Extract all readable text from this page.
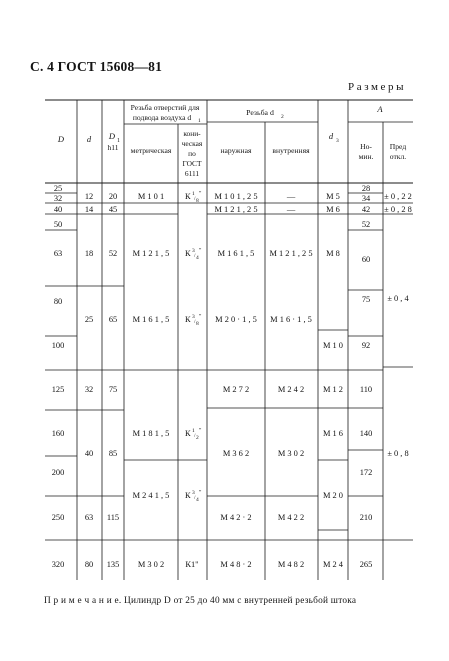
С. 4 ГОСТ 15608—81
Размеры
D	d D 1
h11
Резьба отверстий для
подвода воздуха d 1
метрическая
кони-
ческая
по
ГОСТ
6111
Резьба d 2
наружная	внутренняя
d 3
A
Но-
мин.
Пред
откл.
25
32
40
50
63
80
100
125
160
200
250
320
12
14
18
25
32
40
63
80
20
45
52
65
75
85
115
135
М 1 0 1
М 1 2 1 , 5
М 1 6 1 , 5
М 1 8 1 , 5
М 2 4 1 , 5
М 3 0 2
К 1
/ 8
"
К 3
/ 4
"
К 3
/ 8
"
К 1
/ 2
"
К 3
/ 4
"
К1"
М 1 0 1 , 2 5
М 1 2 1 , 2 5
М 1 6 1 , 5
М 2 0 · 1 , 5
М 2 7 2
М 3 6 2
М 4 2 · 2
М 4 8 · 2
—
—
М 1 2 1 , 2 5
М 1 6 · 1 , 5
М 2 4 2
М 3 0 2
М 4 2 2
М 4 8 2
М 5
М 6
М 8
М 1 0
М 1 2
М 1 6
М 2 0
М 2 4
28
34
42
52
60
75
92
110
140
172
210
265
± 0 , 2 2
± 0 , 2 8
± 0 , 4
± 0 , 8
П р и м е ч а н и е. Цилиндр D от 25 до 40 мм с внутренней резьбой штока
